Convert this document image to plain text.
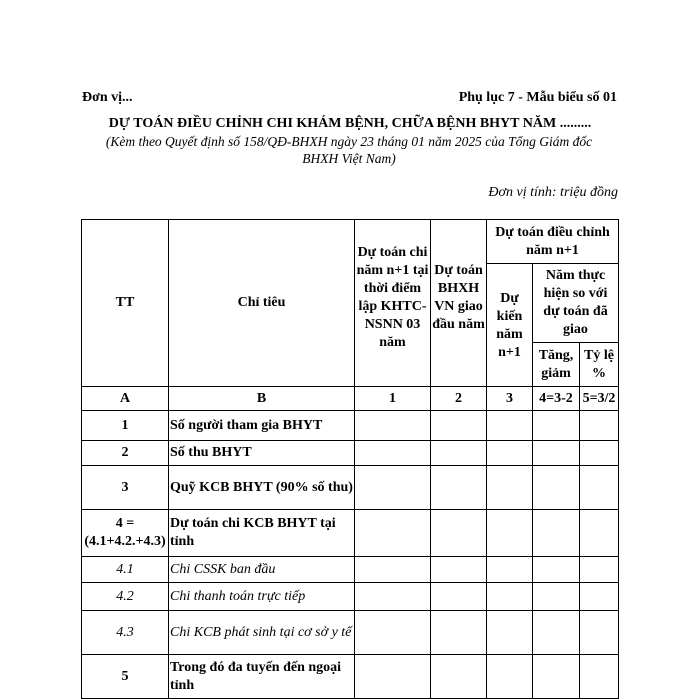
Đơn vị...	Phụ lục 7 - Mẫu biểu số 01
DỰ TOÁN ĐIỀU CHỈNH CHI KHÁM BỆNH, CHỮA BỆNH BHYT NĂM .........
(Kèm theo Quyết định số 158/QĐ-BHXH ngày 23 tháng 01 năm 2025 của Tổng Giám đốc BHXH Việt Nam)
Đơn vị tính: triệu đồng
TT	Chỉ tiêu	Dự toán chi năm n+1 tại thời điểm lập KHTC-NSNN 03 năm	Dự toán BHXH VN giao đầu năm	Dự toán điều chỉnh năm n+1		
				Dự kiến năm n+1	Năm thực hiện so với dự toán đã giao	
					Tăng, giảm	Tỷ lệ %
A	B	1	2	3	4=3-2	5=3/2
1	Số người tham gia BHYT					
2	Số thu BHYT					
3	Quỹ KCB BHYT (90% số thu)					
4 = (4.1+4.2.+4.3)	Dự toán chi KCB BHYT tại tỉnh					
4.1	Chi CSSK ban đầu					
4.2	Chi thanh toán trực tiếp					
4.3	Chi KCB phát sinh tại cơ sở y tế					
5	Trong đó đa tuyến đến ngoại tỉnh					
